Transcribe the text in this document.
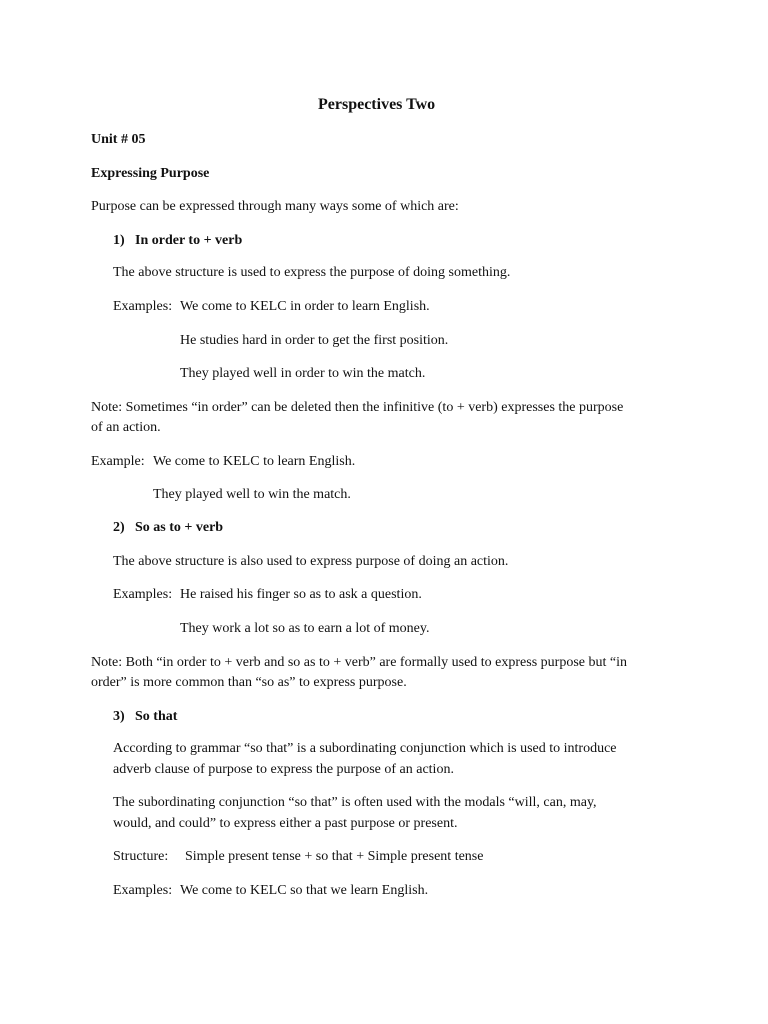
Perspectives Two
Unit # 05
Expressing Purpose
Purpose can be expressed through many ways some of which are:
1) In order to + verb
The above structure is used to express the purpose of doing something.
Examples: We come to KELC in order to learn English.
He studies hard in order to get the first position.
They played well in order to win the match.
Note: Sometimes “in order” can be deleted then the infinitive (to + verb) expresses the purpose
of an action.
Example: We come to KELC to learn English.
They played well to win the match.
2) So as to + verb
The above structure is also used to express purpose of doing an action.
Examples: He raised his finger so as to ask a question.
They work a lot so as to earn a lot of money.
Note: Both “in order to + verb and so as to + verb” are formally used to express purpose but “in
order” is more common than “so as” to express purpose.
3) So that
According to grammar “so that” is a subordinating conjunction which is used to introduce
adverb clause of purpose to express the purpose of an action.
The subordinating conjunction “so that” is often used with the modals “will, can, may,
would, and could” to express either a past purpose or present.
Structure: Simple present tense + so that + Simple present tense
Examples: We come to KELC so that we learn English.
